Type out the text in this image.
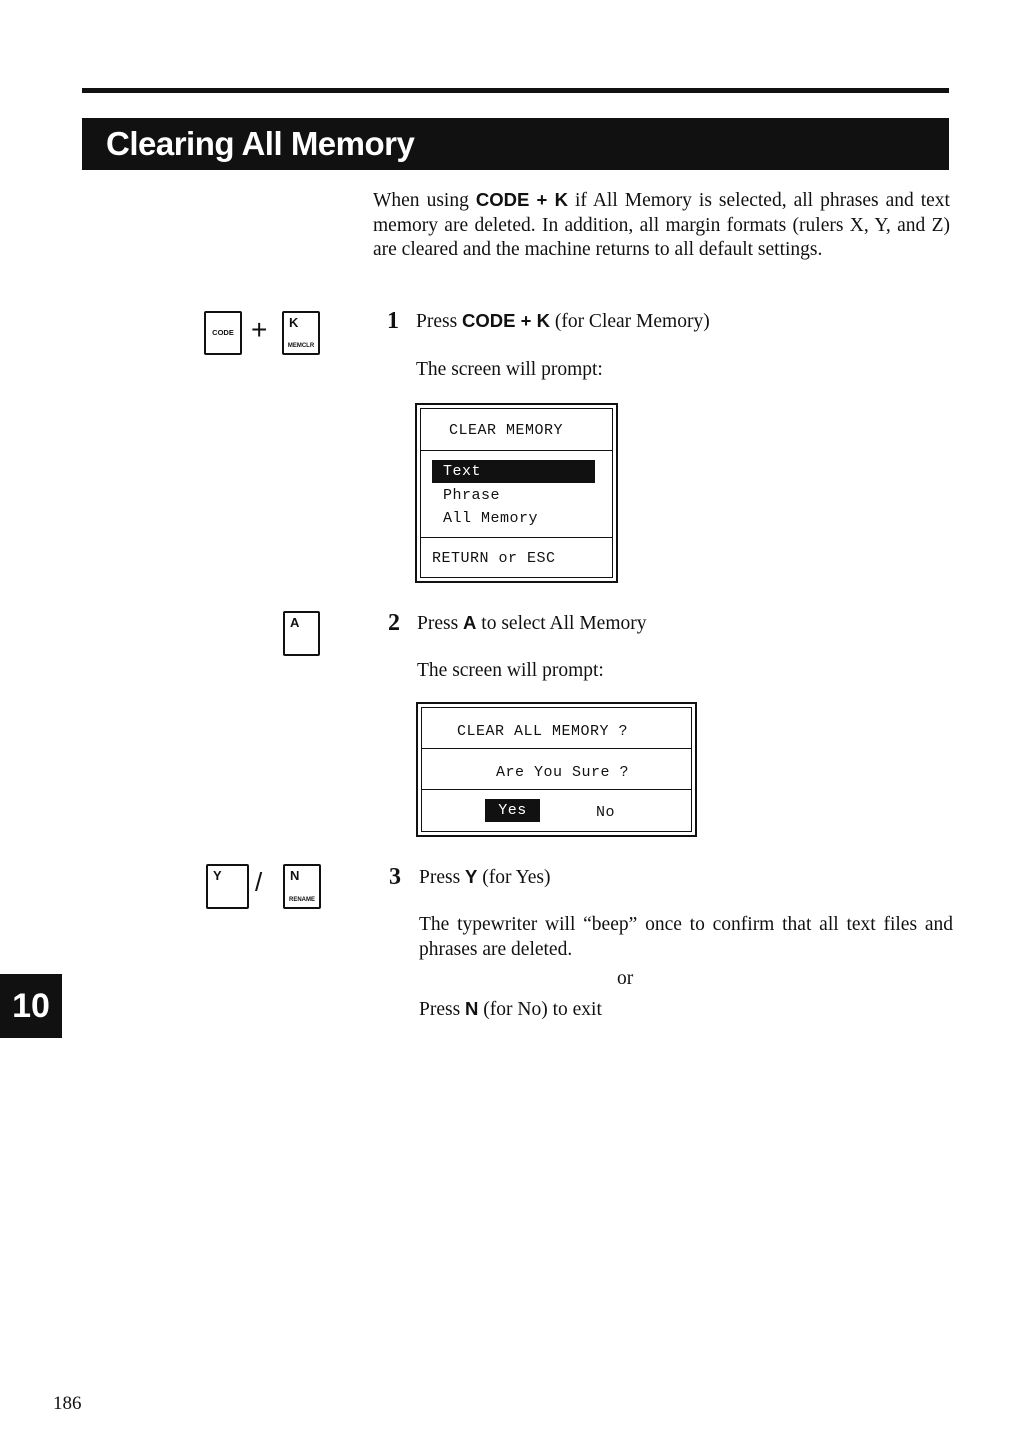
Clearing All Memory
When using CODE + K if All Memory is selected, all phrases and text memory are deleted. In addition, all margin formats (rulers X, Y, and Z) are cleared and the machine returns to all default settings.
CODE + K
MEMCLR
1 Press CODE + K (for Clear Memory)
The screen will prompt:
CLEAR MEMORY
Text
Phrase
All Memory
RETURN or ESC
A	2 Press A to select All Memory
The screen will prompt:
CLEAR ALL MEMORY ?
Are You Sure ?
Yes	No
Y / N
RENAME
3 Press Y (for Yes)
The typewriter will “beep” once to confirm that all text files and phrases are deleted.
or
Press N (for No) to exit
10
186
